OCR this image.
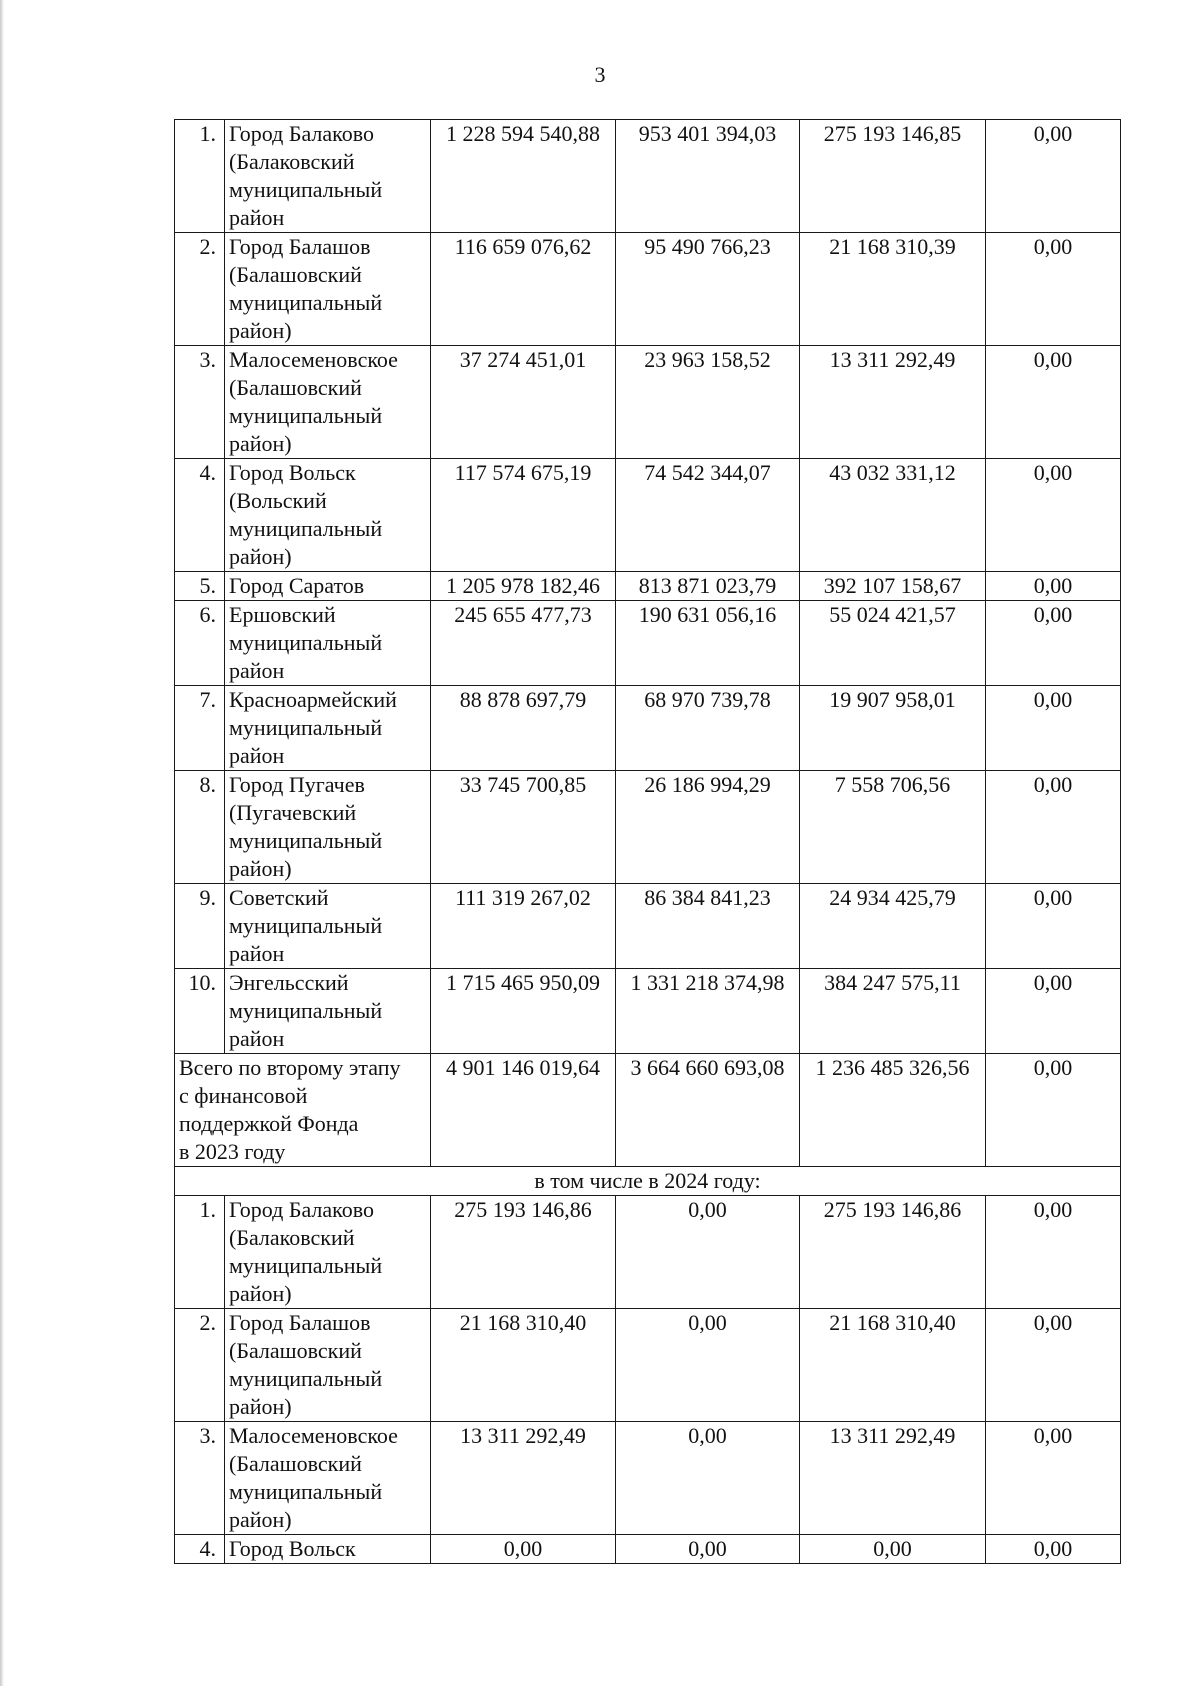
3
1.	Город Балаково
(Балаковский
муниципальный
район	1 228 594 540,88	953 401 394,03	275 193 146,85	0,00
2.	Город Балашов
(Балашовский
муниципальный
район)	116 659 076,62	95 490 766,23	21 168 310,39	0,00
3.	Малосеменовское
(Балашовский
муниципальный
район)	37 274 451,01	23 963 158,52	13 311 292,49	0,00
4.	Город Вольск
(Вольский
муниципальный
район)	117 574 675,19	74 542 344,07	43 032 331,12	0,00
5.	Город Саратов	1 205 978 182,46	813 871 023,79	392 107 158,67	0,00
6.	Ершовский
муниципальный
район	245 655 477,73	190 631 056,16	55 024 421,57	0,00
7.	Красноармейский
муниципальный
район	88 878 697,79	68 970 739,78	19 907 958,01	0,00
8.	Город Пугачев
(Пугачевский
муниципальный
район)	33 745 700,85	26 186 994,29	7 558 706,56	0,00
9.	Советский
муниципальный
район	111 319 267,02	86 384 841,23	24 934 425,79	0,00
10.	Энгельсский
муниципальный
район	1 715 465 950,09	1 331 218 374,98	384 247 575,11	0,00

Всего по второму этапу
с финансовой
поддержкой Фонда
в 2023 году		4 901 146 019,64	3 664 660 693,08	1 236 485 326,56	0,00
в том числе в 2024 году:					
1.	Город Балаково
(Балаковский
муниципальный
район)	275 193 146,86	0,00	275 193 146,86	0,00
2.	Город Балашов
(Балашовский
муниципальный
район)	21 168 310,40	0,00	21 168 310,40	0,00
3.	Малосеменовское
(Балашовский
муниципальный
район)	13 311 292,49	0,00	13 311 292,49	0,00
4.	Город Вольск	0,00	0,00	0,00	0,00
